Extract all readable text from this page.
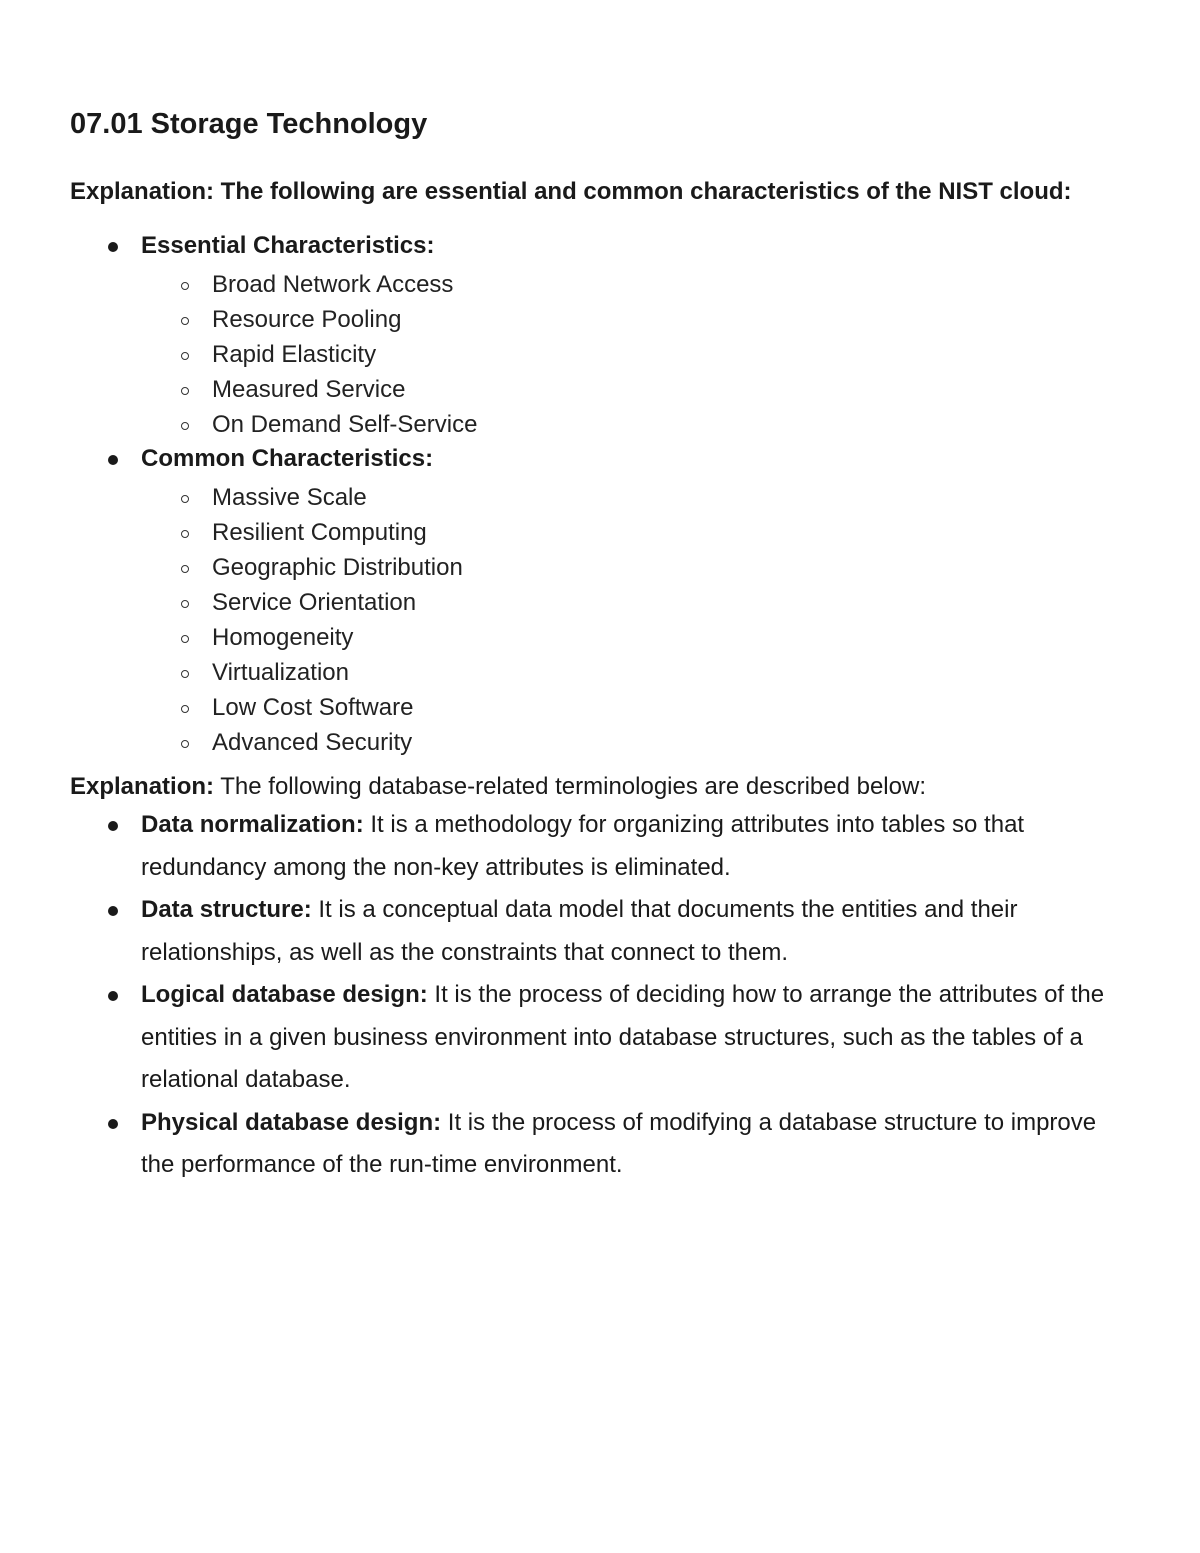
07.01 Storage Technology

Explanation: The following are essential and common characteristics of the NIST cloud:

Essential Characteristics:
Broad Network Access
Resource Pooling
Rapid Elasticity
Measured Service
On Demand Self-Service
Common Characteristics:
Massive Scale
Resilient Computing
Geographic Distribution
Service Orientation
Homogeneity
Virtualization
Low Cost Software
Advanced Security

Explanation: The following database-related terminologies are described below:

Data normalization: It is a methodology for organizing attributes into tables so that redundancy among the non-key attributes is eliminated.
Data structure: It is a conceptual data model that documents the entities and their relationships, as well as the constraints that connect to them.
Logical database design: It is the process of deciding how to arrange the attributes of the entities in a given business environment into database structures, such as the tables of a relational database.
Physical database design: It is the process of modifying a database structure to improve the performance of the run-time environment.
